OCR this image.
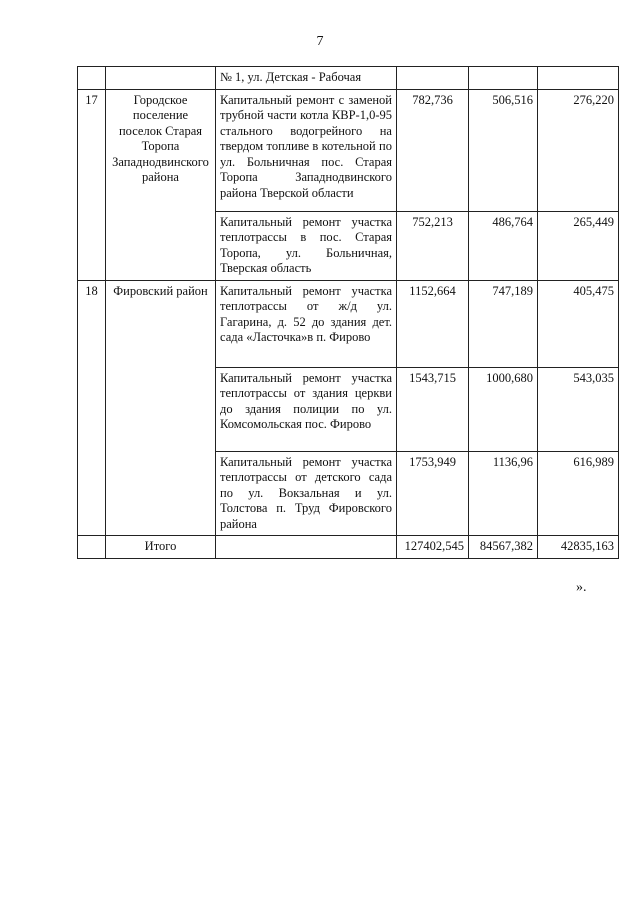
7
		№ 1, ул. Детская - Рабочая			
17	Городское поселение поселок Старая Торопа Западнодвинского района	Капитальный ремонт с заменой трубной части котла КВР-1,0-95 стального водогрейного на твердом топливе в котельной по ул. Больничная пос. Старая Торопа Западнодвинского района Тверской области	782,736	506,516	276,220
		Капитальный ремонт участка теплотрассы в пос. Старая Торопа, ул. Больничная, Тверская область	752,213	486,764	265,449
18	Фировский район	Капитальный ремонт участка теплотрассы от ж/д ул. Гагарина, д. 52 до здания дет. сада «Ласточка»в п. Фирово	1152,664	747,189	405,475
		Капитальный ремонт участка теплотрассы от здания церкви до здания полиции по ул. Комсомольская пос. Фирово	1543,715	1000,680	543,035
		Капитальный ремонт участка теплотрассы от детского сада по ул. Вокзальная и ул. Толстова п. Труд Фировского района	1753,949	1136,96	616,989
	Итого		127402,545	84567,382	42835,163
».
